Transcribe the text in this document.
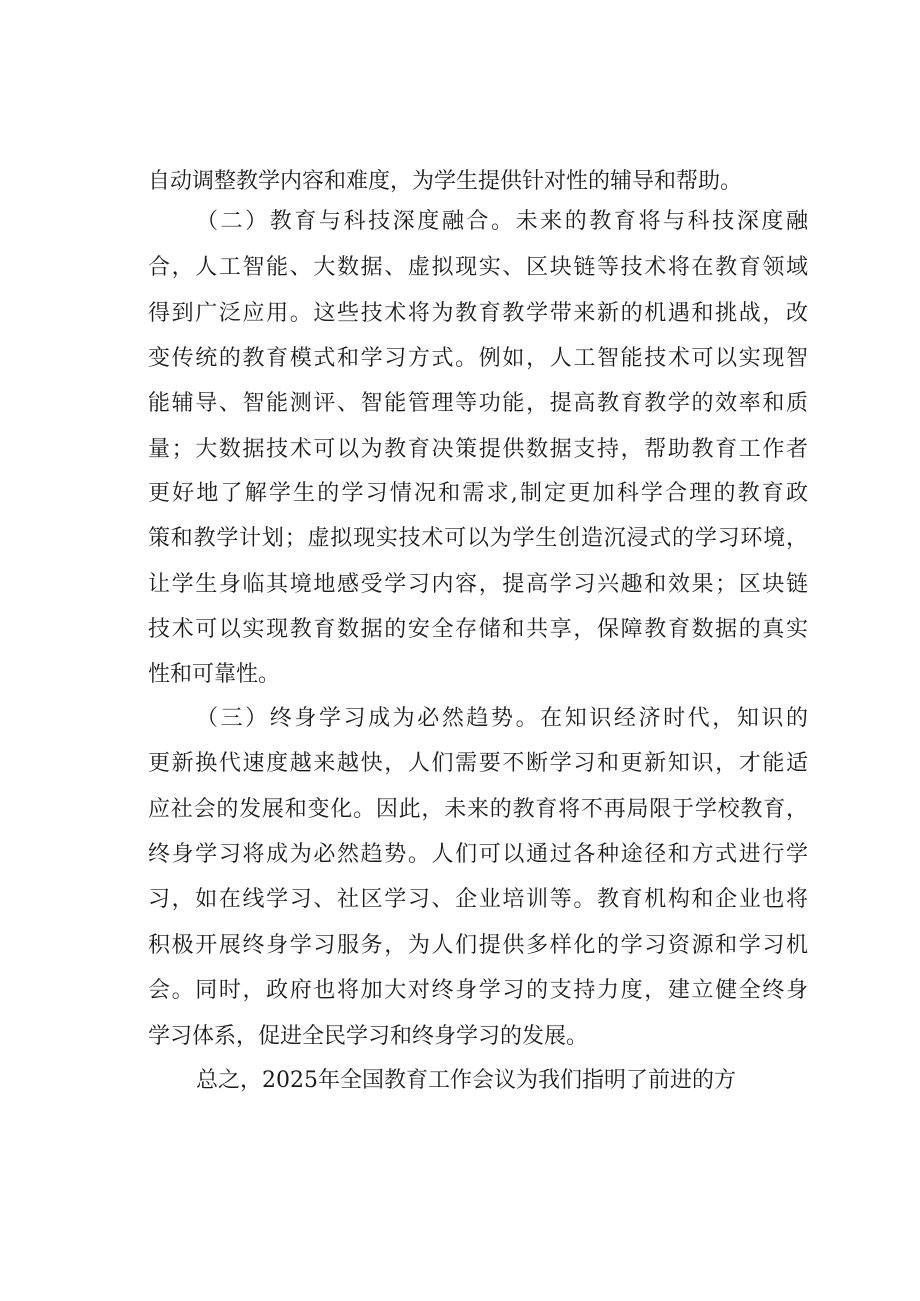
自动调整教学内容和难度，为学生提供针对性的辅导和帮助。
（二）教育与科技深度融合。未来的教育将与科技深度融
合，人工智能、大数据、虚拟现实、区块链等技术将在教育领域
得到广泛应用。这些技术将为教育教学带来新的机遇和挑战，改
变传统的教育模式和学习方式。例如，人工智能技术可以实现智
能辅导、智能测评、智能管理等功能，提高教育教学的效率和质
量；大数据技术可以为教育决策提供数据支持，帮助教育工作者
更好地了解学生的学习情况和需求,制定更加科学合理的教育政
策和教学计划；虚拟现实技术可以为学生创造沉浸式的学习环境，
让学生身临其境地感受学习内容，提高学习兴趣和效果；区块链
技术可以实现教育数据的安全存储和共享，保障教育数据的真实
性和可靠性。
（三）终身学习成为必然趋势。在知识经济时代，知识的
更新换代速度越来越快，人们需要不断学习和更新知识，才能适
应社会的发展和变化。因此，未来的教育将不再局限于学校教育，
终身学习将成为必然趋势。人们可以通过各种途径和方式进行学
习，如在线学习、社区学习、企业培训等。教育机构和企业也将
积极开展终身学习服务，为人们提供多样化的学习资源和学习机
会。同时，政府也将加大对终身学习的支持力度，建立健全终身
学习体系，促进全民学习和终身学习的发展。
总之，2025年全国教育工作会议为我们指明了前进的方
